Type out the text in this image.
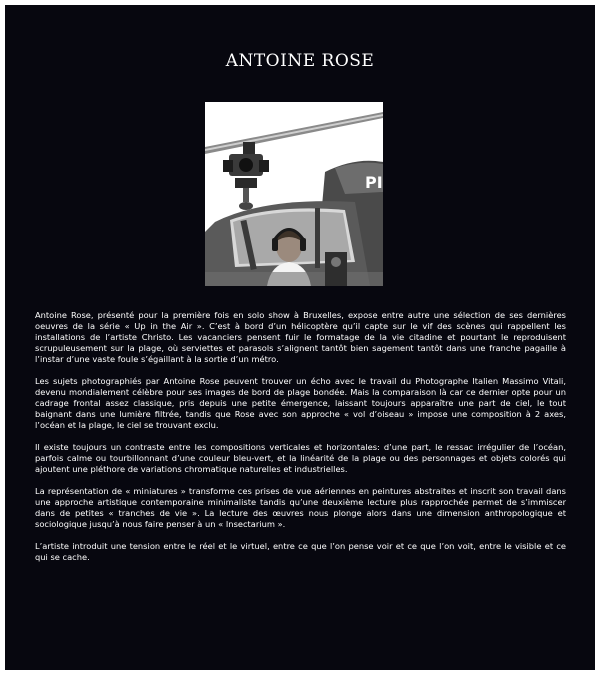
ANTOINE ROSE
PI

Antoine Rose, présenté pour la première fois en solo show à Bruxelles, expose entre autre une sélection de ses dernières oeuvres de la série « Up in the Air ». C’est à bord d’un hélicoptère qu’il capte sur le vif des scènes qui rappellent les installations de l’artiste Christo. Les vacanciers pensent fuir le formatage de la vie citadine et pourtant le reproduisent scrupuleusement sur la plage, où serviettes et parasols s’alignent tantôt bien sagement tantôt dans une franche pagaille à l’instar d’une vaste foule s’égaillant à la sortie d’un métro.

Les sujets photographiés par Antoine Rose peuvent trouver un écho avec le travail du Photographe Italien Massimo Vitali, devenu mondialement célèbre pour ses images de bord de plage bondée. Mais la comparaison là car ce dernier opte pour un cadrage frontal assez classique, pris depuis une petite émergence, laissant toujours apparaître une part de ciel, le tout baignant dans une lumière filtrée, tandis que Rose avec son approche « vol d’oiseau » impose une composition à 2 axes, l’océan et la plage, le ciel se trouvant exclu.

Il existe toujours un contraste entre les compositions verticales et horizontales: d’une part, le ressac irrégulier de l’océan, parfois calme ou tourbillonnant d’une couleur bleu-vert, et la linéarité de la plage ou des personnages et objets colorés qui ajoutent une pléthore de variations chromatique naturelles et industrielles.

La représentation de « miniatures » transforme ces prises de vue aériennes en peintures abstraites et inscrit son travail dans une approche artistique contemporaine minimaliste tandis qu’une deuxième lecture plus rapprochée permet de s’immiscer dans de petites « tranches de vie ». La lecture des œuvres nous plonge alors dans une dimension anthropologique et sociologique jusqu’à nous faire penser à un « Insectarium ».

L’artiste introduit une tension entre le réel et le virtuel, entre ce que l’on pense voir et ce que l’on voit, entre le visible et ce qui se cache.
